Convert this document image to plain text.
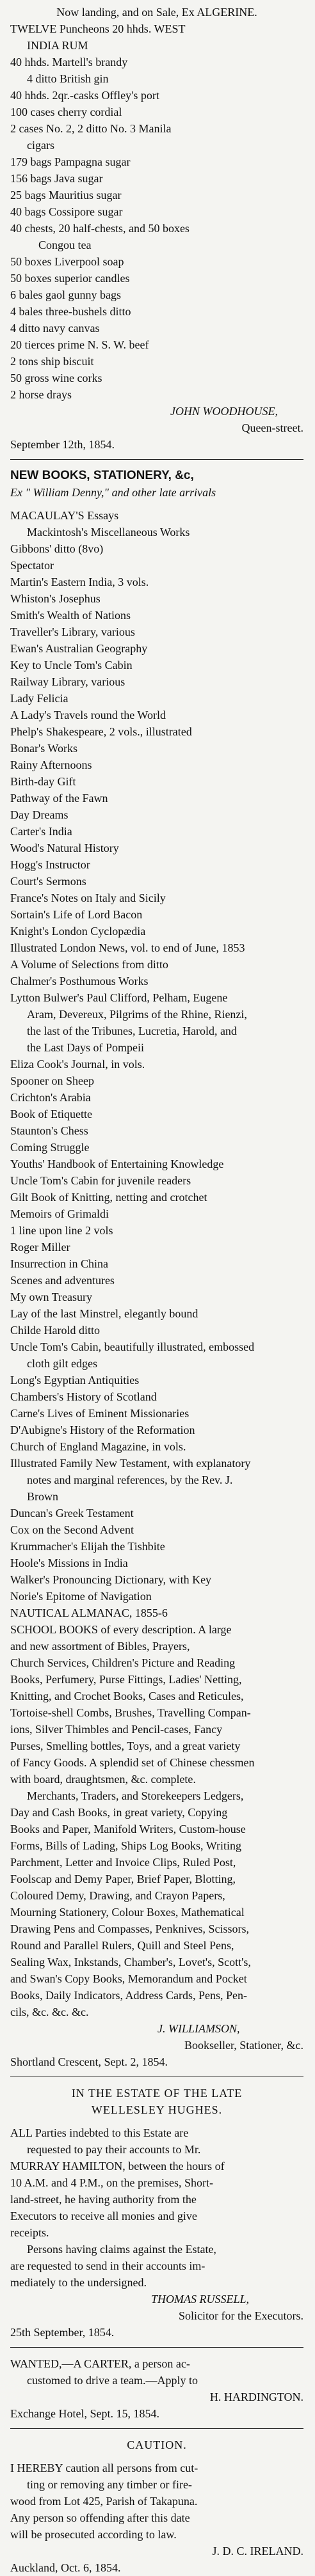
Now landing, and on Sale, Ex ALGERINE.
TWELVE Puncheons 20 hhds. WEST
INDIA RUM
40 hhds. Martell's brandy
4 ditto British gin
40 hhds. 2qr.-casks Offley's port
100 cases cherry cordial
2 cases No. 2, 2 ditto No. 3 Manila
cigars
179 bags Pampagna sugar
156 bags Java sugar
25 bags Mauritius sugar
40 bags Cossipore sugar
40 chests, 20 half-chests, and 50 boxes
Congou tea
50 boxes Liverpool soap
50 boxes superior candles
6 bales gaol gunny bags
4 bales three-bushels ditto
4 ditto navy canvas
20 tierces prime N. S. W. beef
2 tons ship biscuit
50 gross wine corks
2 horse drays
JOHN WOODHOUSE,
Queen-street.
September 12th, 1854.
NEW BOOKS, STATIONERY, &c,
Ex " William Denny," and other late arrivals
MACAULAY'S Essays
Mackintosh's Miscellaneous Works
Gibbons' ditto (8vo)
Spectator
Martin's Eastern India, 3 vols.
Whiston's Josephus
Smith's Wealth of Nations
Traveller's Library, various
Ewan's Australian Geography
Key to Uncle Tom's Cabin
Railway Library, various
Lady Felicia
A Lady's Travels round the World
Phelp's Shakespeare, 2 vols., illustrated
Bonar's Works
Rainy Afternoons
Birth-day Gift
Pathway of the Fawn
Day Dreams
Carter's India
Wood's Natural History
Hogg's Instructor
Court's Sermons
France's Notes on Italy and Sicily
Sortain's Life of Lord Bacon
Knight's London Cyclopædia
Illustrated London News, vol. to end of June, 1853
A Volume of Selections from ditto
Chalmer's Posthumous Works
Lytton Bulwer's Paul Clifford, Pelham, Eugene
Aram, Devereux, Pilgrims of the Rhine, Rienzi,
the last of the Tribunes, Lucretia, Harold, and
the Last Days of Pompeii
Eliza Cook's Journal, in vols.
Spooner on Sheep
Crichton's Arabia
Book of Etiquette
Staunton's Chess
Coming Struggle
Youths' Handbook of Entertaining Knowledge
Uncle Tom's Cabin for juvenile readers
Gilt Book of Knitting, netting and crotchet
Memoirs of Grimaldi
1 line upon line 2 vols
Roger Miller
Insurrection in China
Scenes and adventures
My own Treasury
Lay of the last Minstrel, elegantly bound
Childe Harold ditto
Uncle Tom's Cabin, beautifully illustrated, embossed
cloth gilt edges
Long's Egyptian Antiquities
Chambers's History of Scotland
Carne's Lives of Eminent Missionaries
D'Aubigne's History of the Reformation
Church of England Magazine, in vols.
Illustrated Family New Testament, with explanatory
notes and marginal references, by the Rev. J.
Brown
Duncan's Greek Testament
Cox on the Second Advent
Krummacher's Elijah the Tishbite
Hoole's Missions in India
Walker's Pronouncing Dictionary, with Key
Norie's Epitome of Navigation
NAUTICAL ALMANAC, 1855-6
SCHOOL BOOKS of every description. A large
and new assortment of Bibles, Prayers,
Church Services, Children's Picture and Reading
Books, Perfumery, Purse Fittings, Ladies' Netting,
Knitting, and Crochet Books, Cases and Reticules,
Tortoise-shell Combs, Brushes, Travelling Compan-
ions, Silver Thimbles and Pencil-cases, Fancy
Purses, Smelling bottles, Toys, and a great variety
of Fancy Goods. A splendid set of Chinese chessmen
with board, draughtsmen, &c. complete.
Merchants, Traders, and Storekeepers Ledgers,
Day and Cash Books, in great variety, Copying
Books and Paper, Manifold Writers, Custom-house
Forms, Bills of Lading, Ships Log Books, Writing
Parchment, Letter and Invoice Clips, Ruled Post,
Foolscap and Demy Paper, Brief Paper, Blotting,
Coloured Demy, Drawing, and Crayon Papers,
Mourning Stationery, Colour Boxes, Mathematical
Drawing Pens and Compasses, Penknives, Scissors,
Round and Parallel Rulers, Quill and Steel Pens,
Sealing Wax, Inkstands, Chamber's, Lovet's, Scott's,
and Swan's Copy Books, Memorandum and Pocket
Books, Daily Indicators, Address Cards, Pens, Pen-
cils, &c. &c. &c.
J. WILLIAMSON,
Bookseller, Stationer, &c.
Shortland Crescent, Sept. 2, 1854.
IN THE ESTATE OF THE LATE
WELLESLEY HUGHES.
ALL Parties indebted to this Estate are
requested to pay their accounts to Mr.
MURRAY HAMILTON, between the hours of
10 A.M. and 4 P.M., on the premises, Short-
land-street, he having authority from the
Executors to receive all monies and give
receipts.
Persons having claims against the Estate,
are requested to send in their accounts im-
mediately to the undersigned.
THOMAS RUSSELL,
Solicitor for the Executors.
25th September, 1854.
WANTED,—A CARTER, a person ac-
customed to drive a team.—Apply to
H. HARDINGTON.
Exchange Hotel, Sept. 15, 1854.
CAUTION.
I HEREBY caution all persons from cut-
ting or removing any timber or fire-
wood from Lot 425, Parish of Takapuna.
Any person so offending after this date
will be prosecuted according to law.
J. D. C. IRELAND.
Auckland, Oct. 6, 1854.
